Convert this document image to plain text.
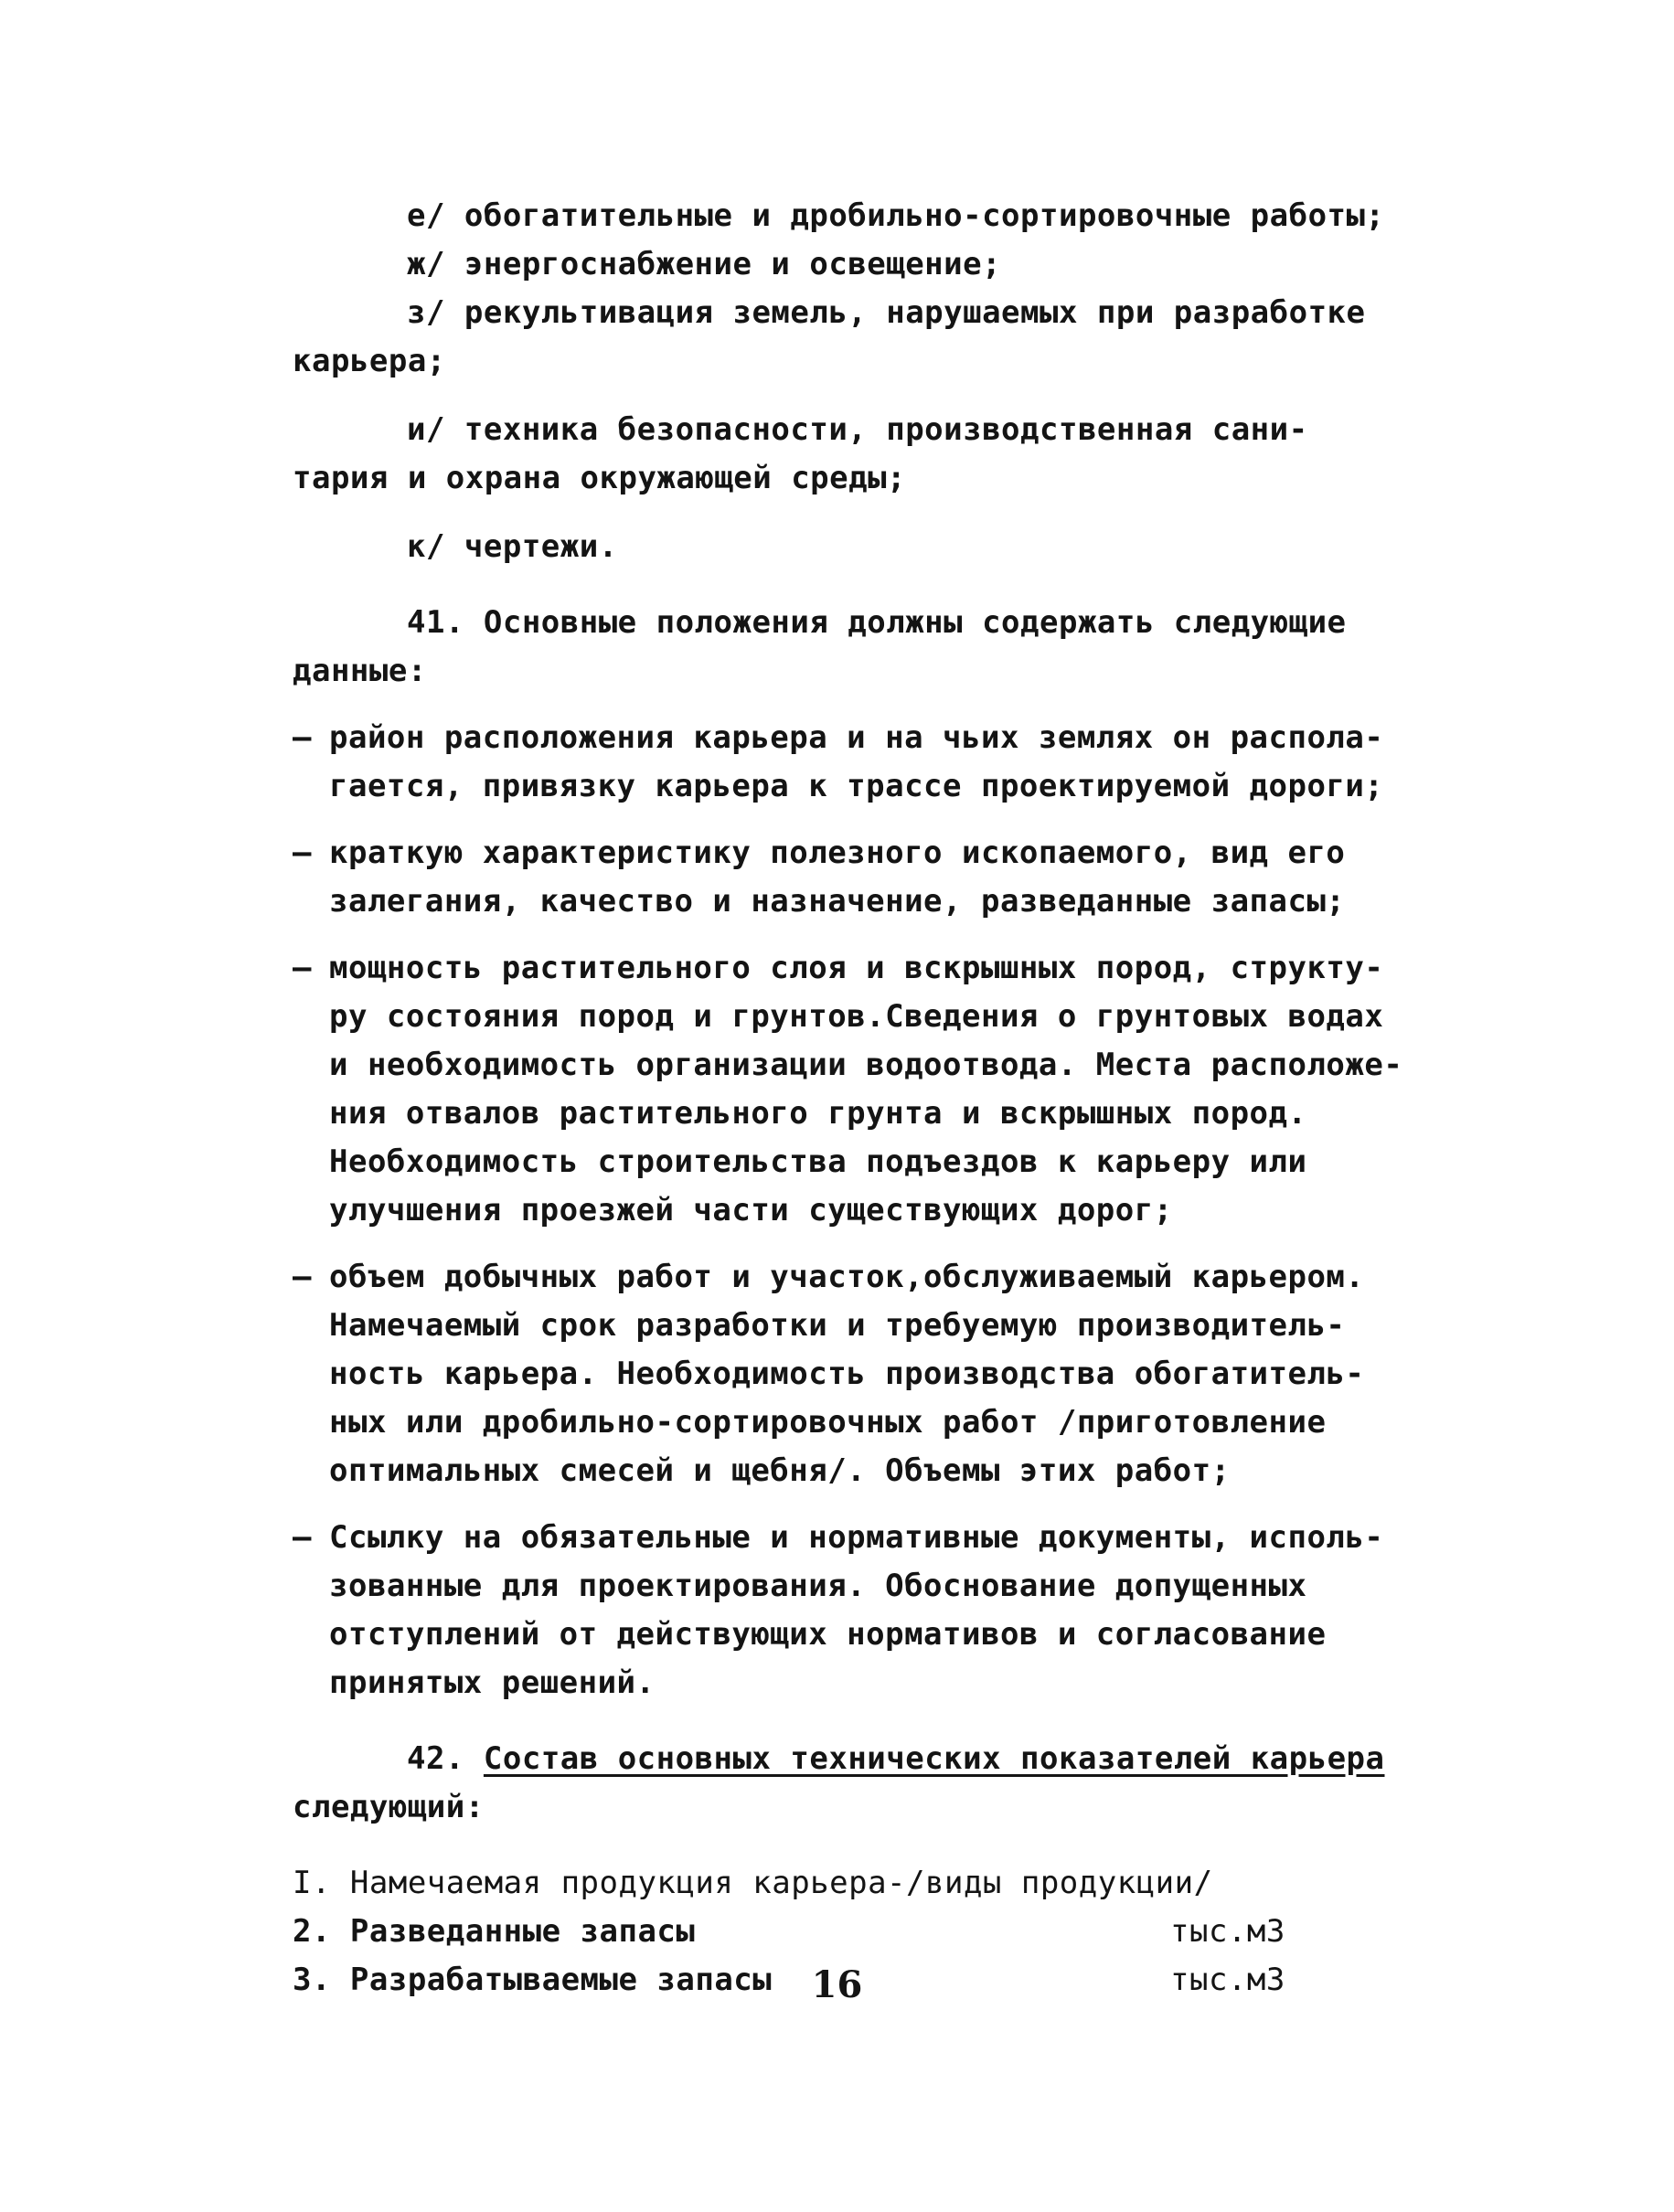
е/ обогатительные и дробильно-сортировочные работы;
ж/ энергоснабжение и освещение;
з/ рекультивация земель, нарушаемых при разработке
карьера;
и/ техника безопасности, производственная сани-
тария и охрана окружающей среды;
к/ чертежи.
41. Основные положения должны содержать следующие
данные:
– район расположения карьера и на чьих землях он распола-
гается, привязку карьера к трассе проектируемой дороги;
– краткую характеристику полезного ископаемого, вид его
залегания, качество и назначение, разведанные запасы;
– мощность растительного слоя и вскрышных пород, структу-
ру состояния пород и грунтов.Сведения о грунтовых водах
и необходимость организации водоотвода. Места расположе-
ния отвалов растительного грунта и вскрышных пород.
Необходимость строительства подъездов к карьеру или
улучшения проезжей части существующих дорог;
– объем добычных работ и участок,обслуживаемый карьером.
Намечаемый срок разработки и требуемую производитель-
ность карьера. Необходимость производства обогатитель-
ных или дробильно-сортировочных работ /приготовление
оптимальных смесей и щебня/. Объемы этих работ;
– Ссылку на обязательные и нормативные документы, исполь-
зованные для проектирования. Обоснование допущенных
отступлений от действующих нормативов и согласование
принятых решений.
42. Состав основных технических показателей карьера
следующий:
I. Намечаемая продукция карьера-/виды продукции/
2. Разведанные запасы	тыс.м3
3. Разрабатываемые запасы	тыс.м3
16
